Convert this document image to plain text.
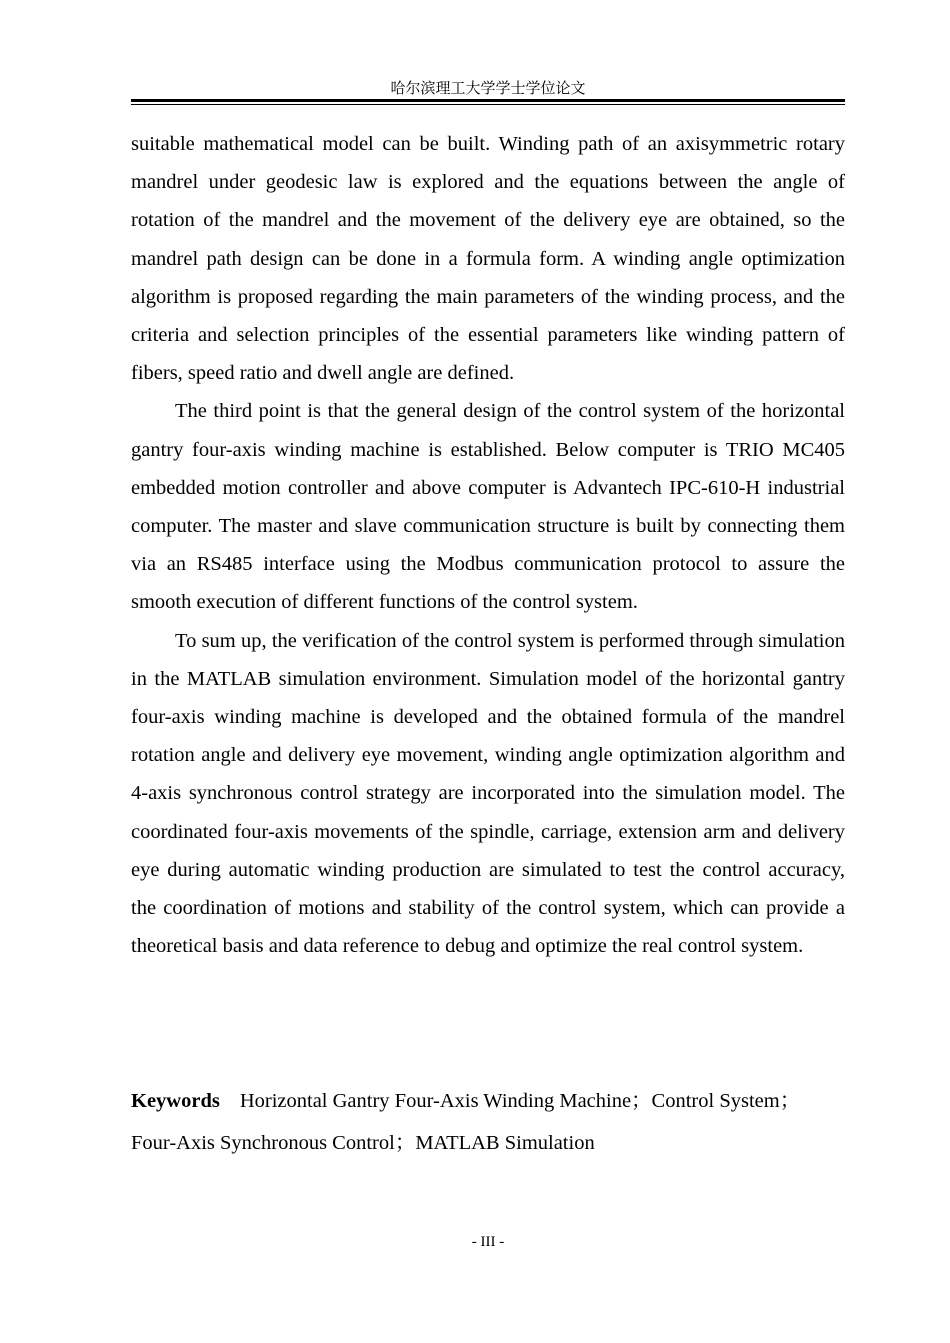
哈尔滨理工大学学士学位论文

suitable mathematical model can be built. Winding path of an axisymmetric rotary mandrel under geodesic law is explored and the equations between the angle of rotation of the mandrel and the movement of the delivery eye are obtained, so the mandrel path design can be done in a formula form. A winding angle optimization algorithm is proposed regarding the main parameters of the winding process, and the criteria and selection principles of the essential parameters like winding pattern of fibers, speed ratio and dwell angle are defined.

The third point is that the general design of the control system of the horizontal gantry four-axis winding machine is established. Below computer is TRIO MC405 embedded motion controller and above computer is Advantech IPC-610-H industrial computer. The master and slave communication structure is built by connecting them via an RS485 interface using the Modbus communication protocol to assure the smooth execution of different functions of the control system.

To sum up, the verification of the control system is performed through simulation in the MATLAB simulation environment. Simulation model of the horizontal gantry four-axis winding machine is developed and the obtained formula of the mandrel rotation angle and delivery eye movement, winding angle optimization algorithm and 4-axis synchronous control strategy are incorporated into the simulation model. The coordinated four-axis movements of the spindle, carriage, extension arm and delivery eye during automatic winding production are simulated to test the control accuracy, the coordination of motions and stability of the control system, which can provide a theoretical basis and data reference to debug and optimize the real control system.

Keywords Horizontal Gantry Four-Axis Winding Machine；Control System；Four-Axis Synchronous Control；MATLAB Simulation
- III -
